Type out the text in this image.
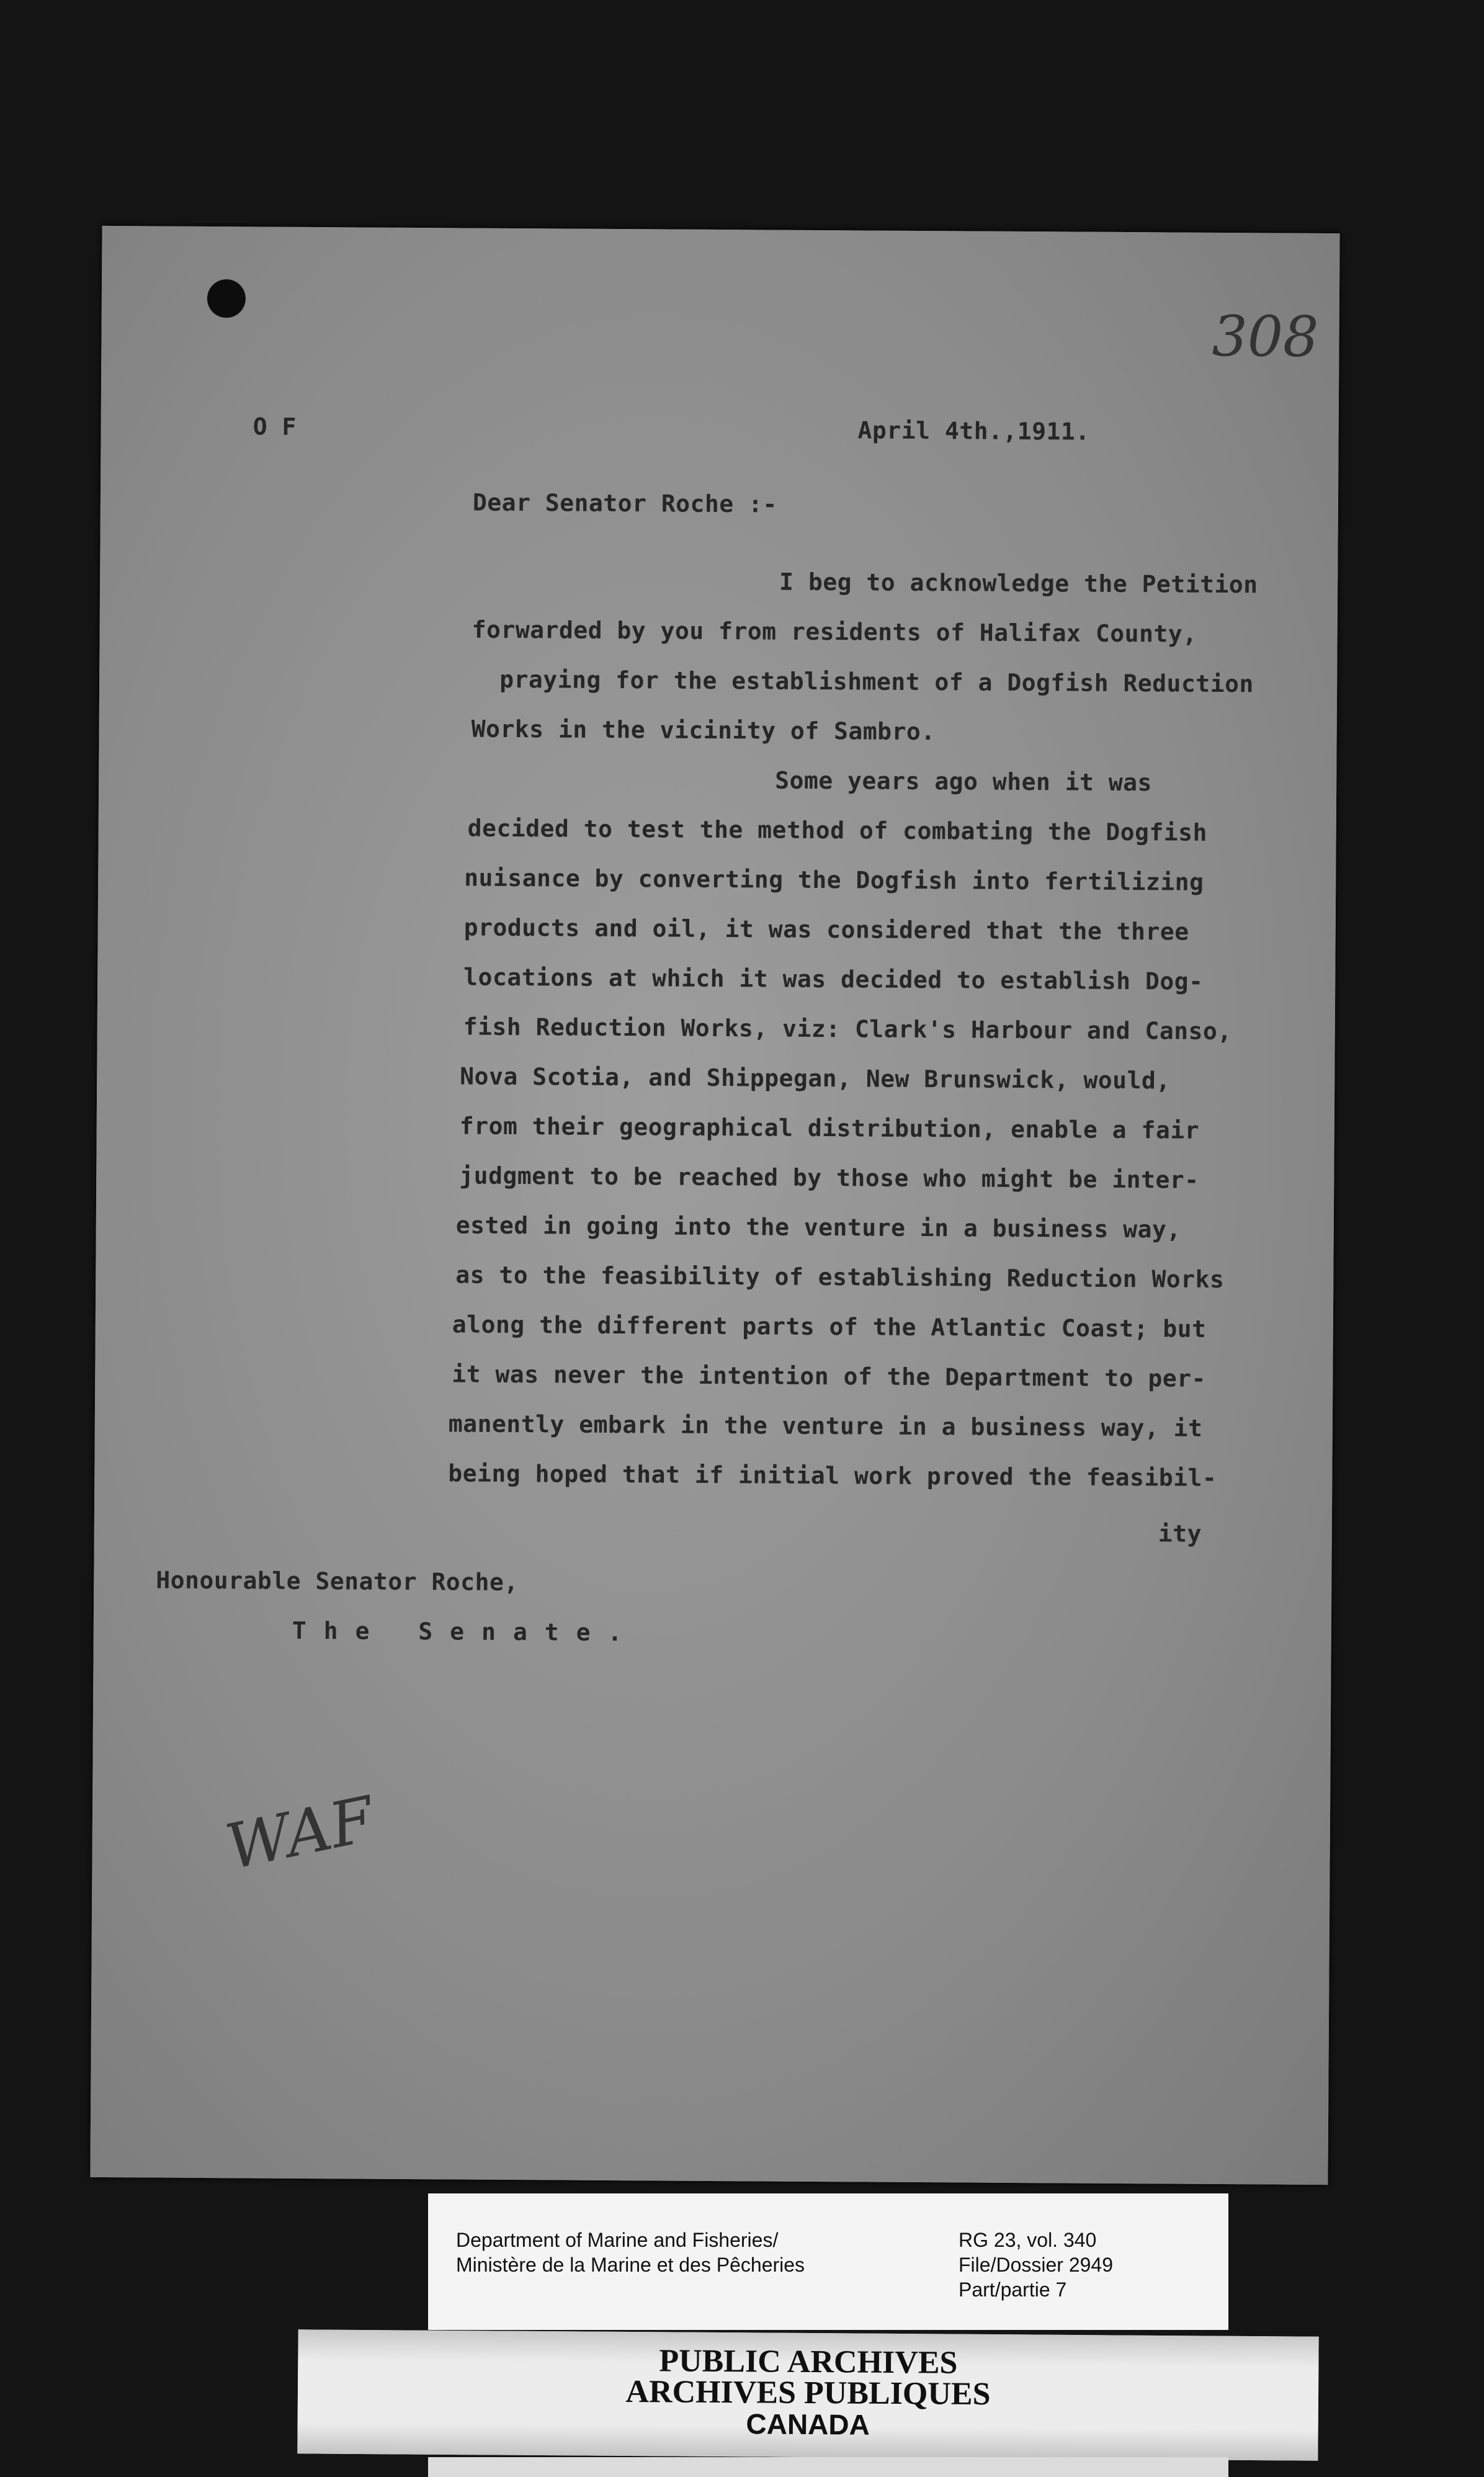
308
O F	April 4th.,1911.
Dear Senator Roche :-
I beg to acknowledge the Petition
forwarded by you from residents of Halifax County,
praying for the establishment of a Dogfish Reduction
Works in the vicinity of Sambro.
Some years ago when it was
decided to test the method of combating the Dogfish
nuisance by converting the Dogfish into fertilizing
products and oil, it was considered that the three
locations at which it was decided to establish Dog-
fish Reduction Works, viz: Clark's Harbour and Canso,
Nova Scotia, and Shippegan, New Brunswick, would,
from their geographical distribution, enable a fair
judgment to be reached by those who might be inter-
ested in going into the venture in a business way,
as to the feasibility of establishing Reduction Works
along the different parts of the Atlantic Coast; but
it was never the intention of the Department to per-
manently embark in the venture in a business way, it
being hoped that if initial work proved the feasibil-
ity
Honourable Senator Roche,
The Senate.
WAF
Department of Marine and Fisheries/
Ministère de la Marine et des Pêcheries
RG 23, vol. 340
File/Dossier 2949
Part/partie 7
PUBLIC ARCHIVES
ARCHIVES PUBLIQUES
CANADA
